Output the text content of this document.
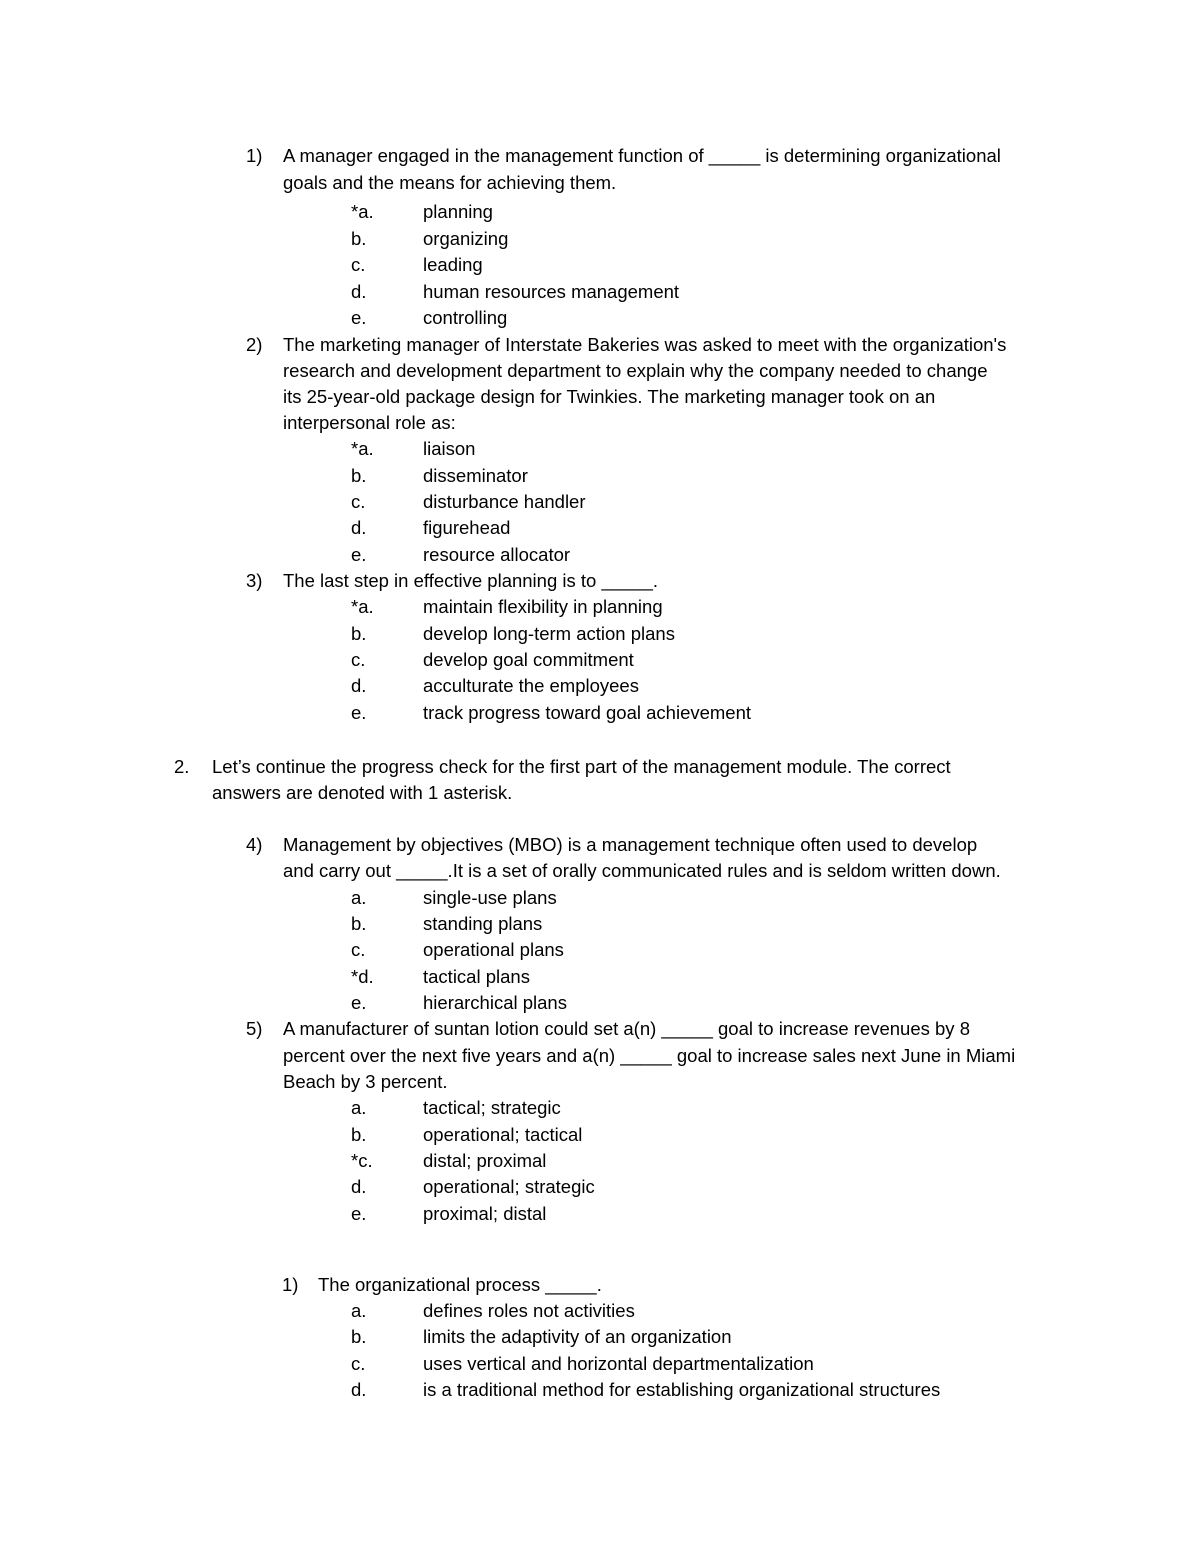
1) A manager engaged in the management function of _____ is determining organizational
goals and the means for achieving them.
*a.	planning
b.	organizing
c.	leading
d.	human resources management
e.	controlling
2) The marketing manager of Interstate Bakeries was asked to meet with the organization's
research and development department to explain why the company needed to change
its 25-year-old package design for Twinkies. The marketing manager took on an
interpersonal role as:
*a.	liaison
b.	disseminator
c.	disturbance handler
d.	figurehead
e.	resource allocator
3) The last step in effective planning is to _____.
*a.	maintain flexibility in planning
b.	develop long-term action plans
c.	develop goal commitment
d.	acculturate the employees
e.	track progress toward goal achievement
2. Let’s continue the progress check for the first part of the management module. The correct
answers are denoted with 1 asterisk.
4) Management by objectives (MBO) is a management technique often used to develop
and carry out _____.It is a set of orally communicated rules and is seldom written down.
a.	single-use plans
b.	standing plans
c.	operational plans
*d.	tactical plans
e.	hierarchical plans
5) A manufacturer of suntan lotion could set a(n) _____ goal to increase revenues by 8
percent over the next five years and a(n) _____ goal to increase sales next June in Miami
Beach by 3 percent.
a.	tactical; strategic
b.	operational; tactical
*c.	distal; proximal
d.	operational; strategic
e.	proximal; distal
1) The organizational process _____.
a.	defines roles not activities
b.	limits the adaptivity of an organization
c.	uses vertical and horizontal departmentalization
d.	is a traditional method for establishing organizational structures
